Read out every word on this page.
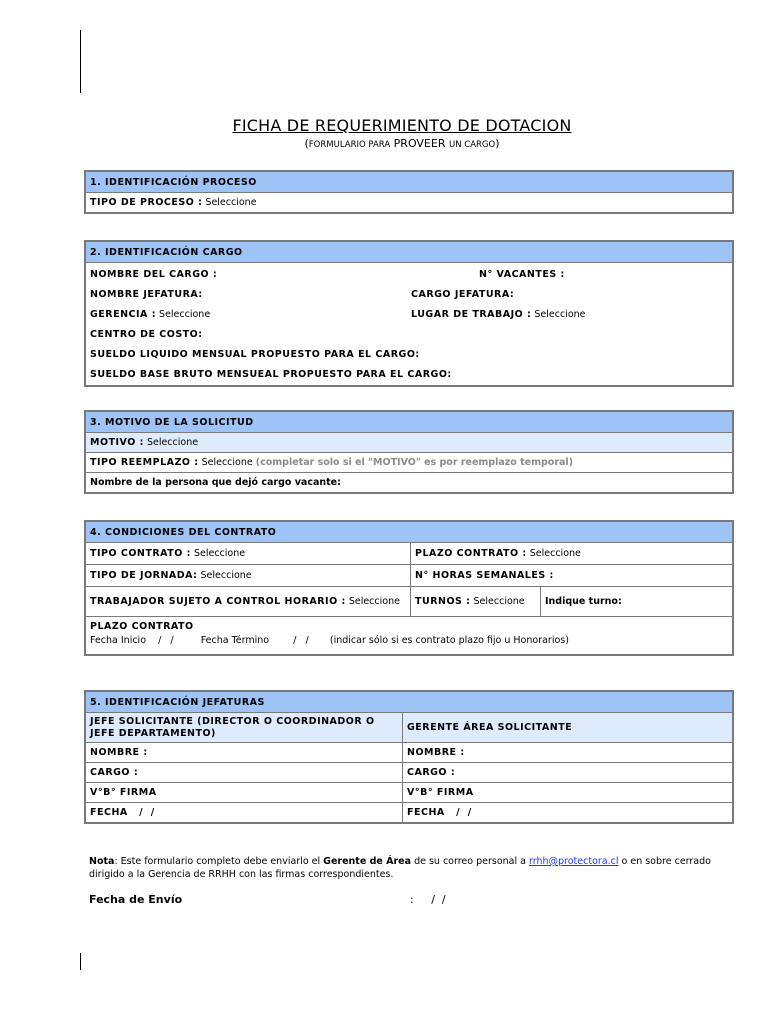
FICHA DE REQUERIMIENTO DE DOTACION
(FORMULARIO PARA PROVEER UN CARGO)
1. IDENTIFICACIÓN PROCESO
TIPO DE PROCESO :
Seleccione
2. IDENTIFICACIÓN CARGO
NOMBRE DEL CARGO :	N° VACANTES :
NOMBRE JEFATURA:	CARGO JEFATURA:
GERENCIA :
Seleccione	LUGAR DE TRABAJO : Seleccione
CENTRO DE COSTO:
SUELDO LIQUIDO MENSUAL PROPUESTO PARA EL CARGO:
SUELDO BASE BRUTO MENSUEAL PROPUESTO PARA EL CARGO:
3. MOTIVO DE LA SOLICITUD
MOTIVO :
Seleccione
TIPO REEMPLAZO :
Seleccione
(completar solo si el "MOTIVO" es por reemplazo temporal)
Nombre de la persona que dejó cargo vacante:
4. CONDICIONES DEL CONTRATO
TIPO CONTRATO :
Seleccione	PLAZO CONTRATO :
Seleccione
TIPO DE JORNADA:
Seleccione	N° HORAS SEMANALES :
TRABAJADOR SUJETO A CONTROL HORARIO :
Seleccione TURNOS :
Seleccione	Indique turno:
PLAZO CONTRATO
Fecha Inicio    /   /         Fecha Término        /   /       (indicar sólo si es contrato plazo fijo u Honorarios)
5. IDENTIFICACIÓN JEFATURAS
JEFE SOLICITANTE (DIRECTOR O COORDINADOR O JEFE DEPARTAMENTO)	GERENTE ÁREA SOLICITANTE
NOMBRE :	NOMBRE :
CARGO :	CARGO :
V°B° FIRMA	V°B° FIRMA
FECHA   /  /	FECHA   /  /
Nota: Este formulario completo debe enviarlo el Gerente de Área de su correo personal a rrhh@protectora.cl o en sobre cerrado dirigido a la Gerencia de RRHH con las firmas correspondientes.
Fecha de Envío	:     /  /
